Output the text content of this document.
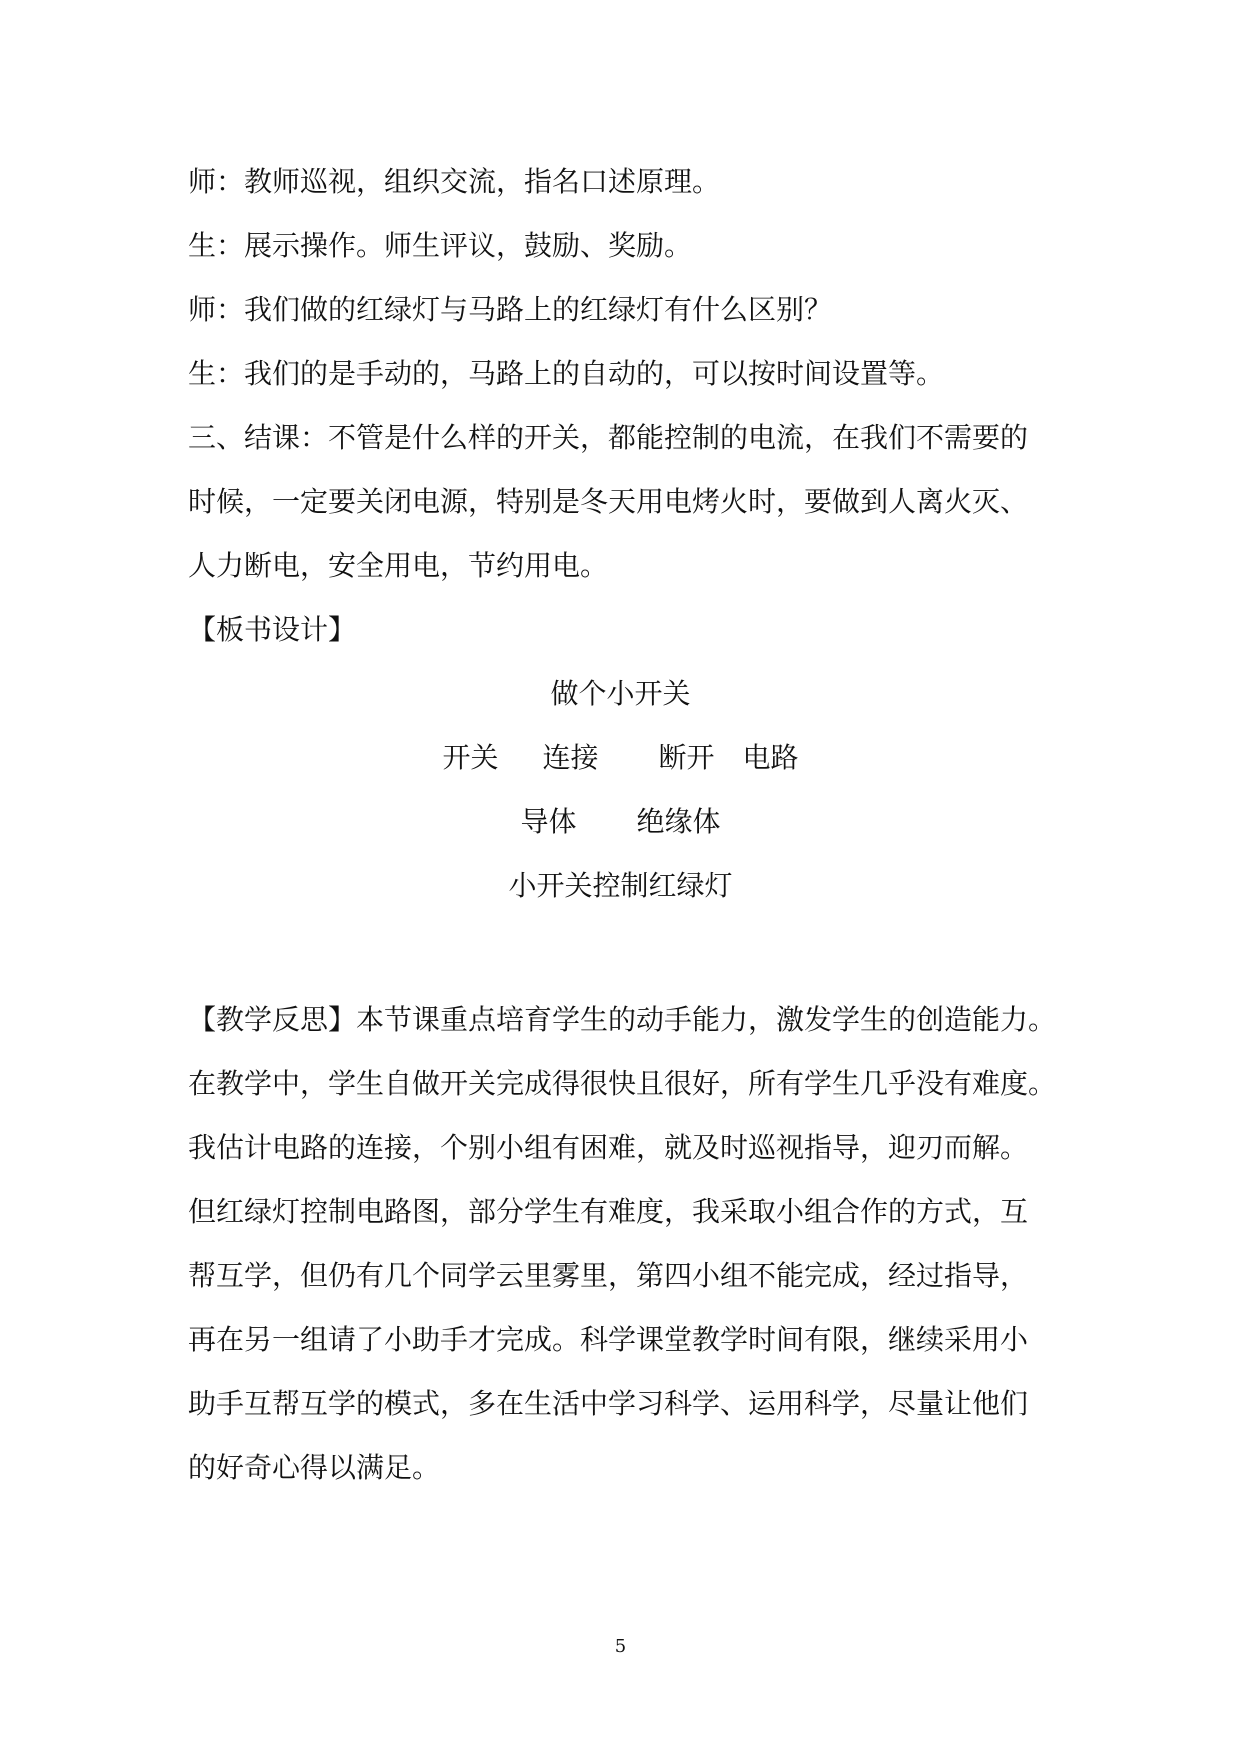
师：教师巡视，组织交流，指名口述原理。
生：展示操作。师生评议，鼓励、奖励。
师：我们做的红绿灯与马路上的红绿灯有什么区别？
生：我们的是手动的，马路上的自动的，可以按时间设置等。
三、结课：不管是什么样的开关，都能控制的电流，在我们不需要的
时候，一定要关闭电源，特别是冬天用电烤火时，要做到人离火灭、
人力断电，安全用电，节约用电。
【板书设计】
做个小开关
开关 连接 断开 电路
导体 绝缘体
小开关控制红绿灯
【教学反思】本节课重点培育学生的动手能力，激发学生的创造能力。
在教学中，学生自做开关完成得很快且很好，所有学生几乎没有难度。
我估计电路的连接，个别小组有困难，就及时巡视指导，迎刃而解。
但红绿灯控制电路图，部分学生有难度，我采取小组合作的方式，互
帮互学，但仍有几个同学云里雾里，第四小组不能完成，经过指导，
再在另一组请了小助手才完成。科学课堂教学时间有限，继续采用小
助手互帮互学的模式，多在生活中学习科学、运用科学，尽量让他们
的好奇心得以满足。
5
